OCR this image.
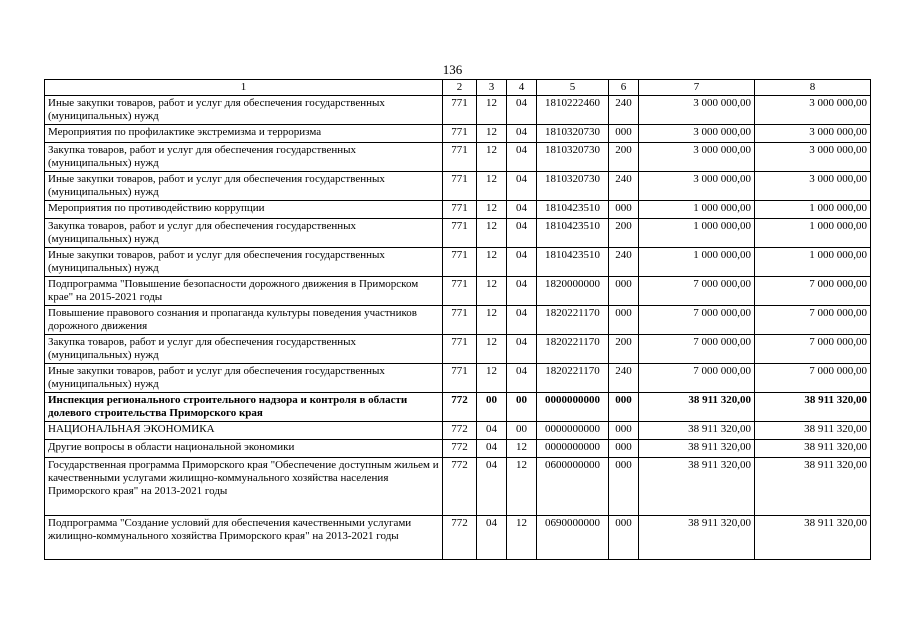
136
1	2	3	4	5	6	7	8
Иные закупки товаров, работ и услуг для обеспечения государственных (муниципальных) нужд	771	12	04	1810222460	240	3 000 000,00	3 000 000,00
Мероприятия по профилактике экстремизма и терроризма	771	12	04	1810320730	000	3 000 000,00	3 000 000,00
Закупка товаров, работ и услуг для обеспечения государственных (муниципальных) нужд	771	12	04	1810320730	200	3 000 000,00	3 000 000,00
Иные закупки товаров, работ и услуг для обеспечения государственных (муниципальных) нужд	771	12	04	1810320730	240	3 000 000,00	3 000 000,00
Мероприятия по противодействию коррупции	771	12	04	1810423510	000	1 000 000,00	1 000 000,00
Закупка товаров, работ и услуг для обеспечения государственных (муниципальных) нужд	771	12	04	1810423510	200	1 000 000,00	1 000 000,00
Иные закупки товаров, работ и услуг для обеспечения государственных (муниципальных) нужд	771	12	04	1810423510	240	1 000 000,00	1 000 000,00
Подпрограмма "Повышение безопасности дорожного движения в Приморском крае" на 2015-2021 годы	771	12	04	1820000000	000	7 000 000,00	7 000 000,00
Повышение правового сознания и пропаганда культуры поведения участников дорожного движения	771	12	04	1820221170	000	7 000 000,00	7 000 000,00
Закупка товаров, работ и услуг для обеспечения государственных (муниципальных) нужд	771	12	04	1820221170	200	7 000 000,00	7 000 000,00
Иные закупки товаров, работ и услуг для обеспечения государственных (муниципальных) нужд	771	12	04	1820221170	240	7 000 000,00	7 000 000,00
Инспекция регионального строительного надзора и контроля в области долевого строительства Приморского края	772	00	00	0000000000	000	38 911 320,00	38 911 320,00
НАЦИОНАЛЬНАЯ ЭКОНОМИКА	772	04	00	0000000000	000	38 911 320,00	38 911 320,00
Другие вопросы в области национальной экономики	772	04	12	0000000000	000	38 911 320,00	38 911 320,00
Государственная программа Приморского края "Обеспечение доступным жильем и качественными услугами жилищно-коммунального хозяйства населения Приморского края" на 2013-2021 годы	772	04	12	0600000000	000	38 911 320,00	38 911 320,00
Подпрограмма "Создание условий для обеспечения качественными услугами жилищно-коммунального хозяйства Приморского края" на 2013-2021 годы	772	04	12	0690000000	000	38 911 320,00	38 911 320,00
